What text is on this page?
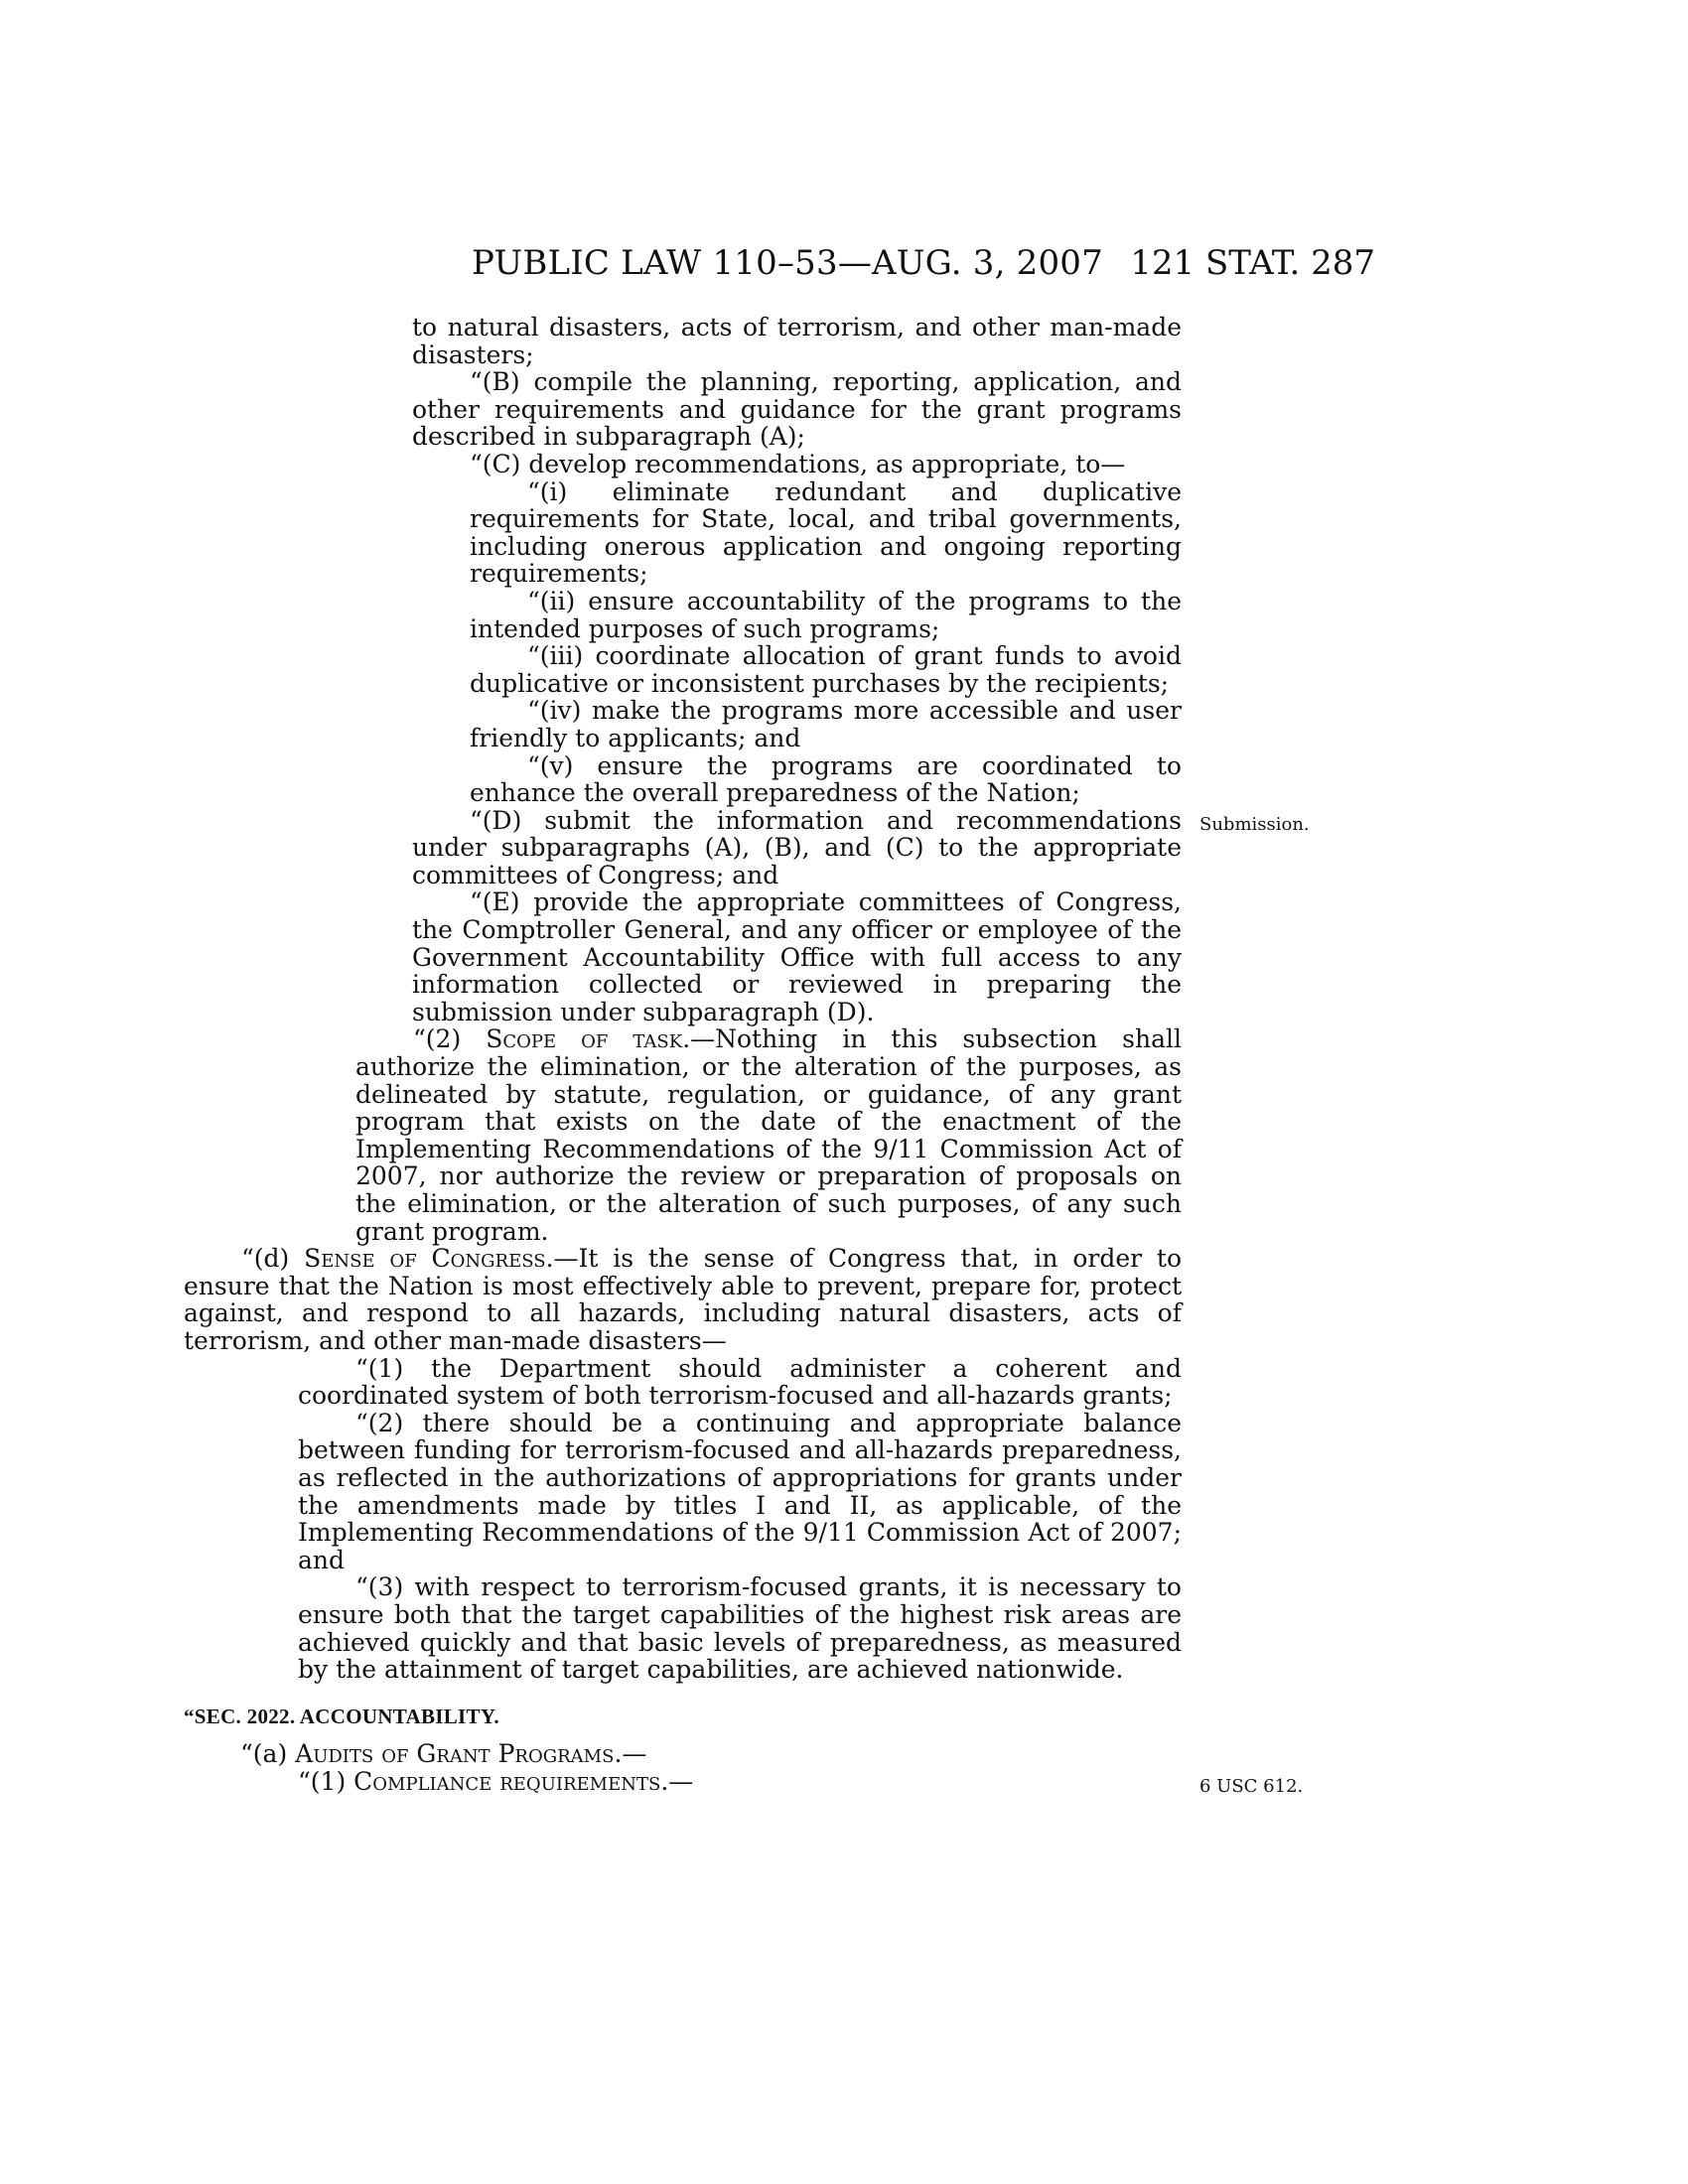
PUBLIC LAW 110–53—AUG. 3, 2007 121 STAT. 287

to natural disasters, acts of terrorism, and other man-made disasters;

“(B) compile the planning, reporting, application, and other requirements and guidance for the grant programs described in subparagraph (A);

“(C) develop recommendations, as appropriate, to—

“(i) eliminate redundant and duplicative requirements for State, local, and tribal governments, including onerous application and ongoing reporting requirements;

“(ii) ensure accountability of the programs to the intended purposes of such programs;

“(iii) coordinate allocation of grant funds to avoid duplicative or inconsistent purchases by the recipients;

“(iv) make the programs more accessible and user friendly to applicants; and

“(v) ensure the programs are coordinated to enhance the overall preparedness of the Nation;

“(D) submit the information and recommendations under subparagraphs (A), (B), and (C) to the appropriate committees of Congress; and

“(E) provide the appropriate committees of Congress, the Comptroller General, and any officer or employee of the Government Accountability Office with full access to any information collected or reviewed in preparing the submission under subparagraph (D).

“(2) Scope of task.—Nothing in this subsection shall authorize the elimination, or the alteration of the purposes, as delineated by statute, regulation, or guidance, of any grant program that exists on the date of the enactment of the Implementing Recommendations of the 9/11 Commission Act of 2007, nor authorize the review or preparation of proposals on the elimination, or the alteration of such purposes, of any such grant program.

“(d) Sense of Congress.—It is the sense of Congress that, in order to ensure that the Nation is most effectively able to prevent, prepare for, protect against, and respond to all hazards, including natural disasters, acts of terrorism, and other man-made disasters—

“(1) the Department should administer a coherent and coordinated system of both terrorism-focused and all-hazards grants;

“(2) there should be a continuing and appropriate balance between funding for terrorism-focused and all-hazards preparedness, as reflected in the authorizations of appropriations for grants under the amendments made by titles I and II, as applicable, of the Implementing Recommendations of the 9/11 Commission Act of 2007; and

“(3) with respect to terrorism-focused grants, it is necessary to ensure both that the target capabilities of the highest risk areas are achieved quickly and that basic levels of preparedness, as measured by the attainment of target capabilities, are achieved nationwide.

“SEC. 2022. ACCOUNTABILITY.

“(a) Audits of Grant Programs.—

“(1) Compliance requirements.—

Submission.
6 USC 612.
